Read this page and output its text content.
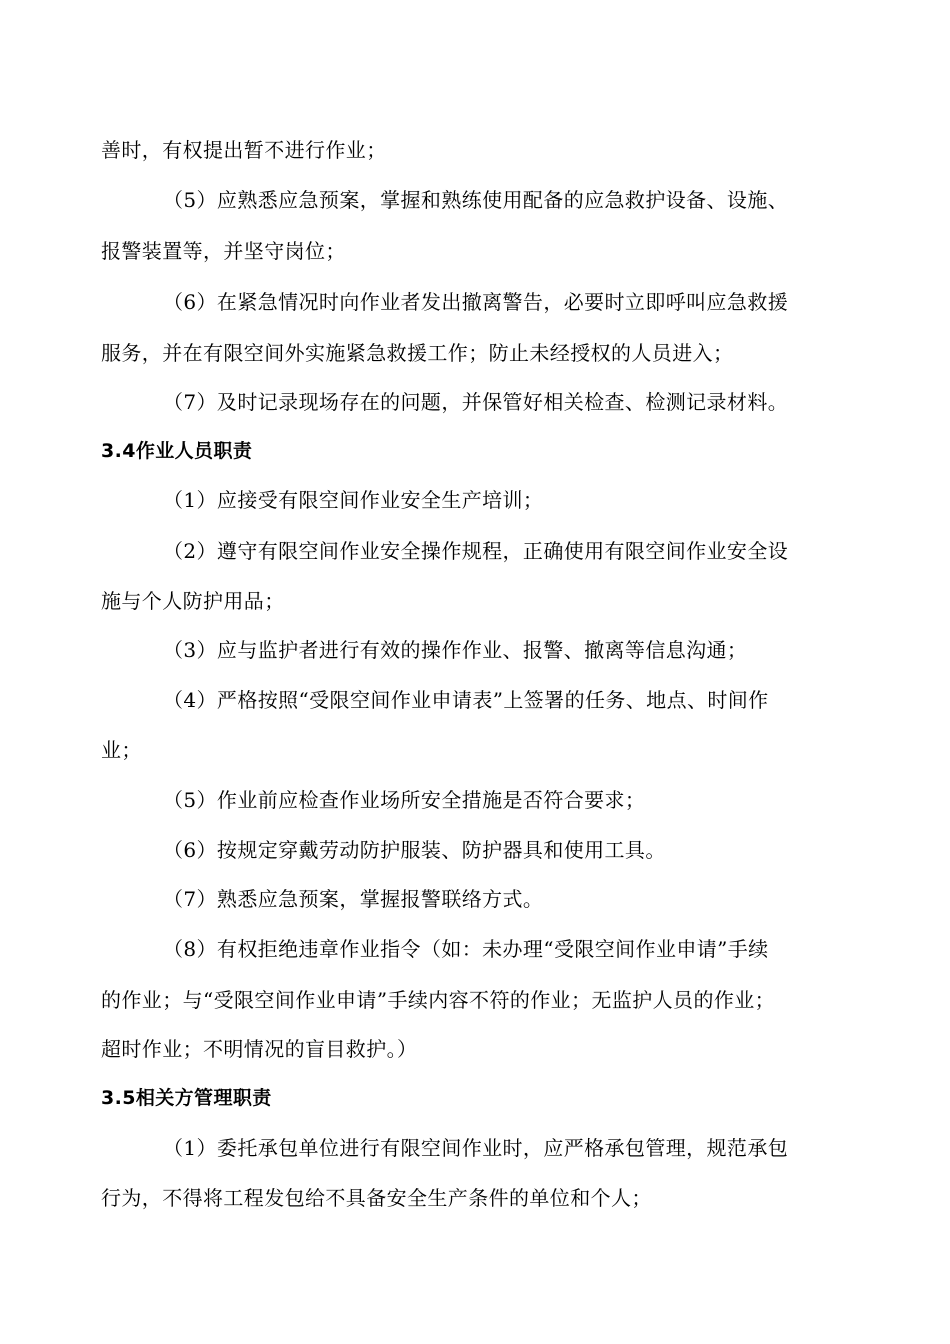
善时，有权提出暂不进行作业；
（5）应熟悉应急预案，掌握和熟练使用配备的应急救护设备、设施、
报警装置等，并坚守岗位；
（6）在紧急情况时向作业者发出撤离警告，必要时立即呼叫应急救援
服务，并在有限空间外实施紧急救援工作；防止未经授权的人员进入；
（7）及时记录现场存在的问题，并保管好相关检查、检测记录材料。
3.4作业人员职责
（1）应接受有限空间作业安全生产培训；
（2）遵守有限空间作业安全操作规程，正确使用有限空间作业安全设
施与个人防护用品；
（3）应与监护者进行有效的操作作业、报警、撤离等信息沟通；
（4）严格按照“受限空间作业申请表”上签署的任务、地点、时间作
业；
（5）作业前应检查作业场所安全措施是否符合要求；
（6）按规定穿戴劳动防护服装、防护器具和使用工具。
（7）熟悉应急预案，掌握报警联络方式。
（8）有权拒绝违章作业指令（如：未办理“受限空间作业申请”手续
的作业；与“受限空间作业申请”手续内容不符的作业；无监护人员的作业；
超时作业；不明情况的盲目救护。）
3.5相关方管理职责
（1）委托承包单位进行有限空间作业时，应严格承包管理，规范承包
行为，不得将工程发包给不具备安全生产条件的单位和个人；
